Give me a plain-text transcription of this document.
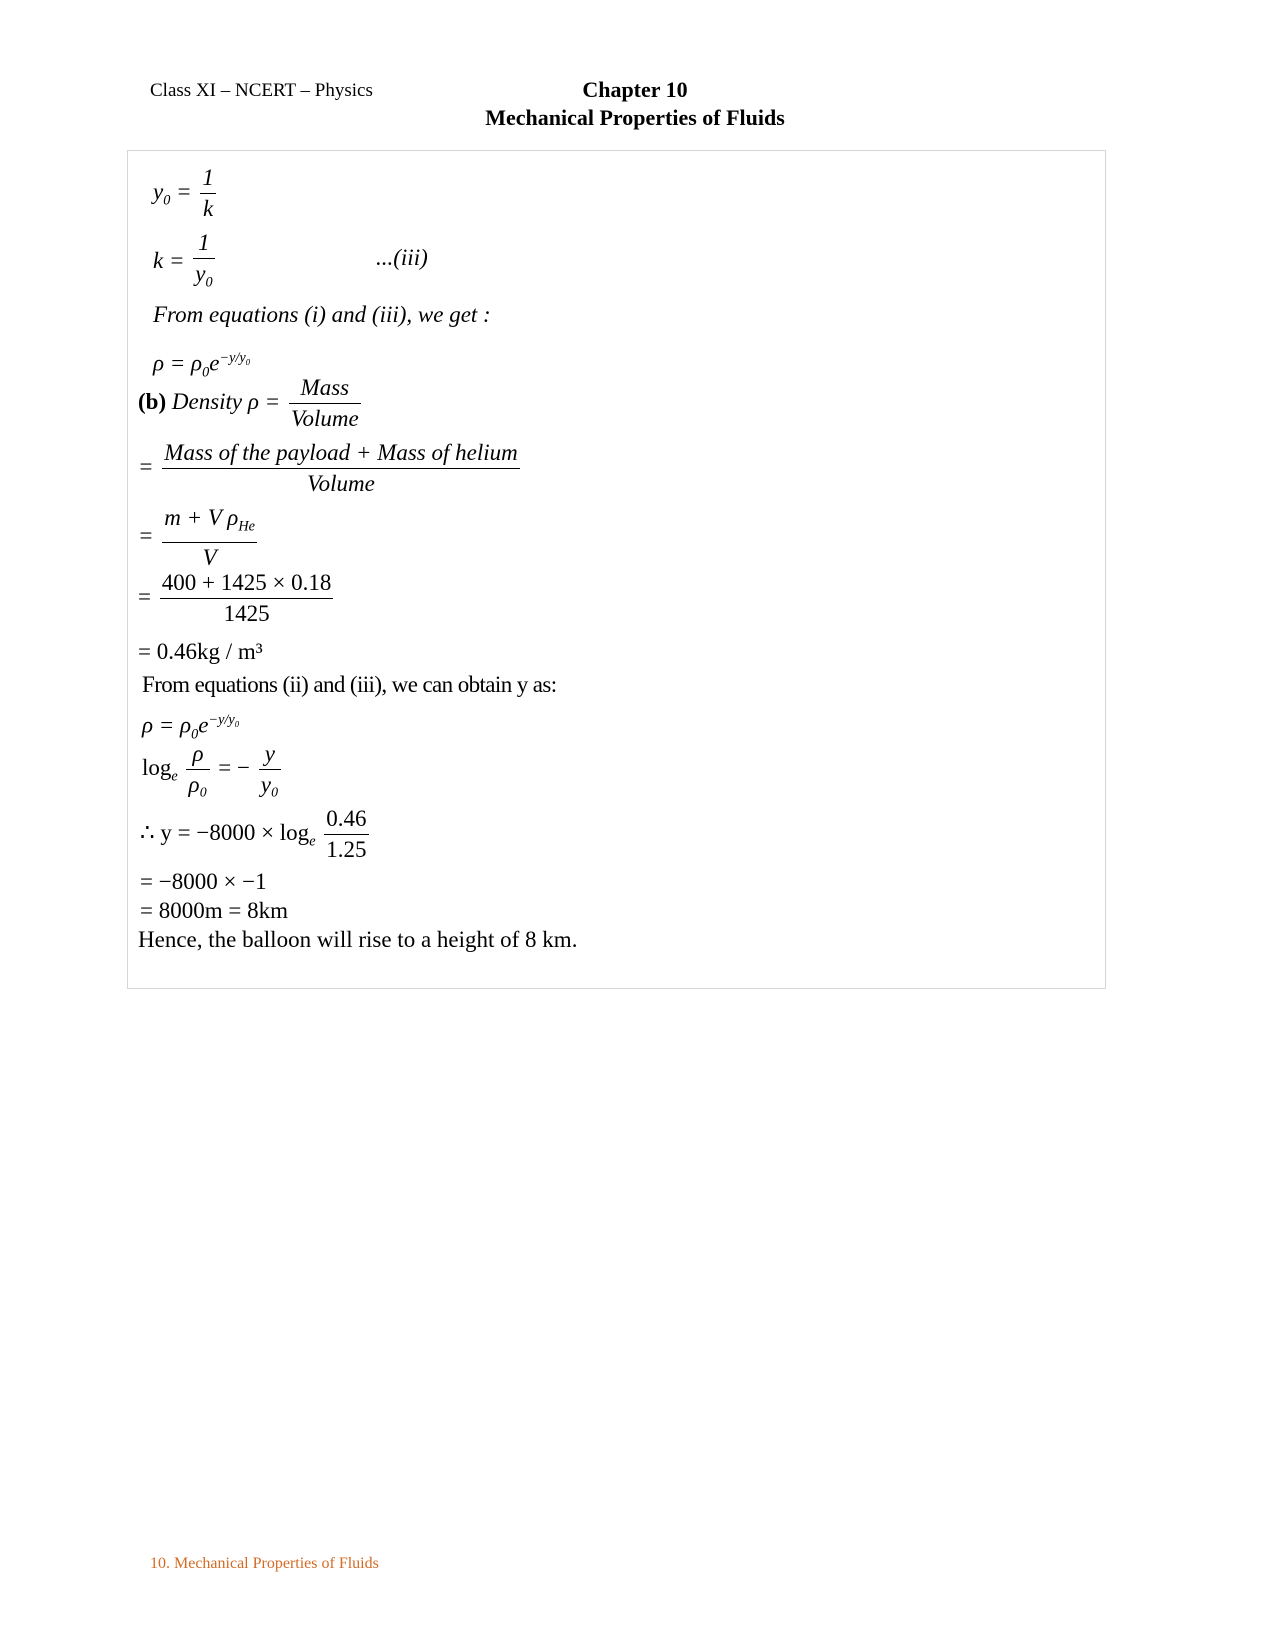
Class XI – NCERT – Physics	Chapter 10
Mechanical Properties of Fluids
$y_0 = \frac{1}{k}$
$k = \frac{1}{y_0}$	...(iii)
From equations (i) and (iii), we get :
$\rho = \rho_0e^{-y/y_0}$
(b) Density $\rho = \frac{\text{Mass}}{\text{Volume}}$
= $\frac{\text{Mass of the payload + Mass of helium}}{\text{Volume}}$
= $\frac{m + V \rho_{He}}{V}$
= $\frac{400 + 1425 \times 0.18}{1425}$
= 0.46kg / m³
From equations (ii) and (iii), we can obtain y as:
$\rho = \rho_0e^{-y/y_0}$
$\log_e \frac{\rho}{\text{ρ₀}}$ = − $\frac{y}{\text{y₀}}$
∴ $y = -8000 \times \log_e \frac{0.46}{1.25}$
= −8000 × −1
= 8000m = 8km
Hence, the balloon will rise to a height of 8 km.
10. Mechanical Properties of Fluids
